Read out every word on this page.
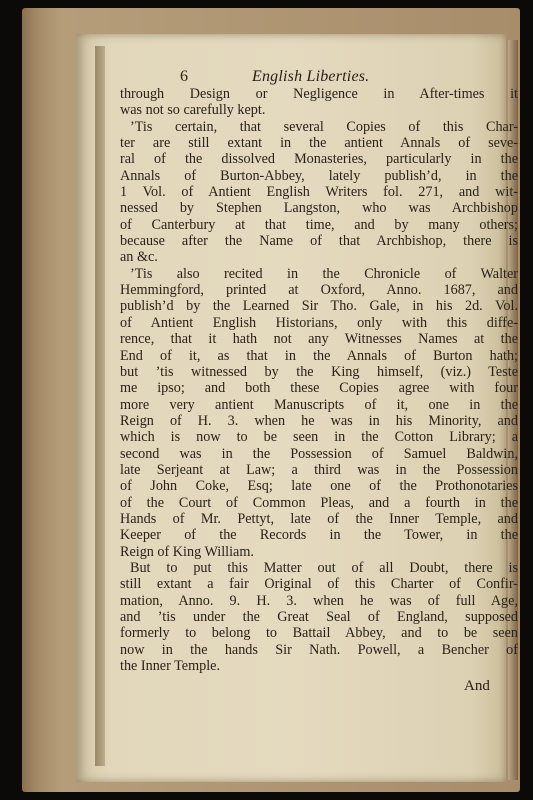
6	English Liberties.
through Design or Negligence in After-times it
was not so carefully kept.
’Tis certain, that several Copies of this Char-
ter are still extant in the antient Annals of seve-
ral of the dissolved Monasteries, particularly in the
Annals of Burton-Abbey, lately publish’d, in the
1 Vol. of Antient English Writers fol. 271, and wit-
nessed by Stephen Langston, who was Archbishop
of Canterbury at that time, and by many others;
because after the Name of that Archbishop, there is
an &c.
’Tis also recited in the Chronicle of Walter
Hemmingford, printed at Oxford, Anno. 1687, and
publish’d by the Learned Sir Tho. Gale, in his 2d. Vol.
of Antient English Historians, only with this diffe-
rence, that it hath not any Witnesses Names at the
End of it, as that in the Annals of Burton hath;
but ’tis witnessed by the King himself, (viz.) Teste
me ipso; and both these Copies agree with four
more very antient Manuscripts of it, one in the
Reign of H. 3. when he was in his Minority, and
which is now to be seen in the Cotton Library; a
second was in the Possession of Samuel Baldwin,
late Serjeant at Law; a third was in the Possession
of John Coke, Esq; late one of the Prothonotaries
of the Court of Common Pleas, and a fourth in the
Hands of Mr. Pettyt, late of the Inner Temple, and
Keeper of the Records in the Tower, in the
Reign of King William.
But to put this Matter out of all Doubt, there is
still extant a fair Original of this Charter of Confir-
mation, Anno. 9. H. 3. when he was of full Age,
and ’tis under the Great Seal of England, supposed
formerly to belong to Battail Abbey, and to be seen
now in the hands Sir Nath. Powell, a Bencher of
the Inner Temple.
And
